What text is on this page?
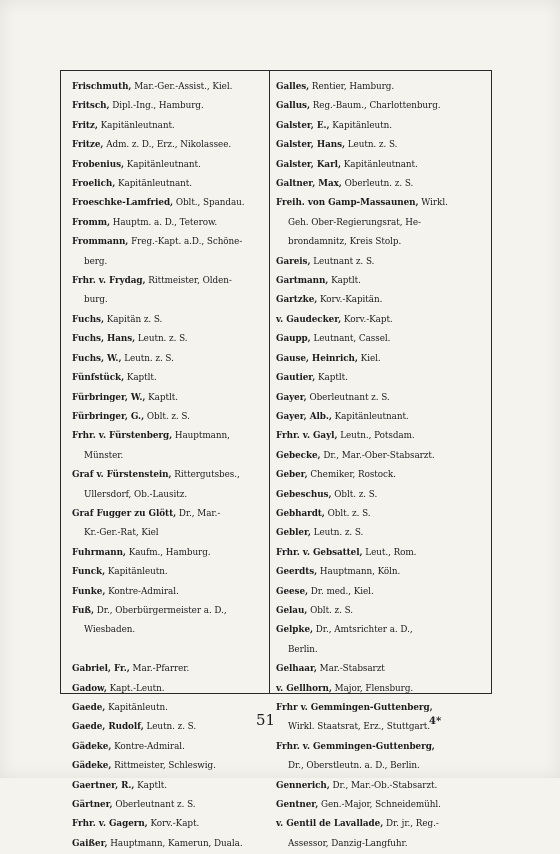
Frischmuth, Mar.-Ger.-Assist., Kiel.
Fritsch, Dipl.-Ing., Hamburg.
Fritz, Kapitänleutnant.
Fritze, Adm. z. D., Erz., Nikolassee.
Frobenius, Kapitänleutnant.
Froelich, Kapitänleutnant.
Froeschke-Lamfried, Oblt., Spandau.
Fromm, Hauptm. a. D., Teterow.
Frommann, Freg.-Kapt. a.D., Schöne-
berg.
Frhr. v. Frydag, Rittmeister, Olden-
burg.
Fuchs, Kapitän z. S.
Fuchs, Hans, Leutn. z. S.
Fuchs, W., Leutn. z. S.
Fünfstück, Kaptlt.
Fürbringer, W., Kaptlt.
Fürbringer, G., Oblt. z. S.
Frhr. v. Fürstenberg, Hauptmann,
Münster.
Graf v. Fürstenstein, Rittergutsbes.,
Ullersdorf, Ob.-Lausitz.
Graf Fugger zu Glött, Dr., Mar.-
Kr.-Ger.-Rat, Kiel
Fuhrmann, Kaufm., Hamburg.
Funck, Kapitänleutn.
Funke, Kontre-Admiral.
Fuß, Dr., Oberbürgermeister a. D.,
Wiesbaden.
Gabriel, Fr., Mar.-Pfarrer.
Gadow, Kapt.-Leutn.
Gaede, Kapitänleutn.
Gaede, Rudolf, Leutn. z. S.
Gädeke, Kontre-Admiral.
Gädeke, Rittmeister, Schleswig.
Gaertner, R., Kaptlt.
Gärtner, Oberleutnant z. S.
Frhr. v. Gagern, Korv.-Kapt.
Gaißer, Hauptmann, Kamerun, Duala.
Galles, Rentier, Hamburg.
Gallus, Reg.-Baum., Charlottenburg.
Galster, E., Kapitänleutn.
Galster, Hans, Leutn. z. S.
Galster, Karl, Kapitänleutnant.
Galtner, Max, Oberleutn. z. S.
Freih. von Gamp-Massaunen, Wirkl.
Geh. Ober-Regierungsrat, He-
brondamnitz, Kreis Stolp.
Gareis, Leutnant z. S.
Gartmann, Kaptlt.
Gartzke, Korv.-Kapitän.
v. Gaudecker, Korv.-Kapt.
Gaupp, Leutnant, Cassel.
Gause, Heinrich, Kiel.
Gautier, Kaptlt.
Gayer, Oberleutnant z. S.
Gayer, Alb., Kapitänleutnant.
Frhr. v. Gayl, Leutn., Potsdam.
Gebecke, Dr., Mar.-Ober-Stabsarzt.
Geber, Chemiker, Rostock.
Gebeschus, Oblt. z. S.
Gebhardt, Oblt. z. S.
Gebler, Leutn. z. S.
Frhr. v. Gebsattel, Leut., Rom.
Geerdts, Hauptmann, Köln.
Geese, Dr. med., Kiel.
Gelau, Oblt. z. S.
Gelpke, Dr., Amtsrichter a. D.,
Berlin.
Gelhaar, Mar.-Stabsarzt
v. Gellhorn, Major, Flensburg.
Frhr v. Gemmingen-Guttenberg,
Wirkl. Staatsrat, Erz., Stuttgart.
Frhr. v. Gemmingen-Guttenberg,
Dr., Oberstleutn. a. D., Berlin.
Gennerich, Dr., Mar.-Ob.-Stabsarzt.
Gentner, Gen.-Major, Schneidemühl.
v. Gentil de Lavallade, Dr. jr., Reg.-
Assessor, Danzig-Langfuhr.
51	4*
